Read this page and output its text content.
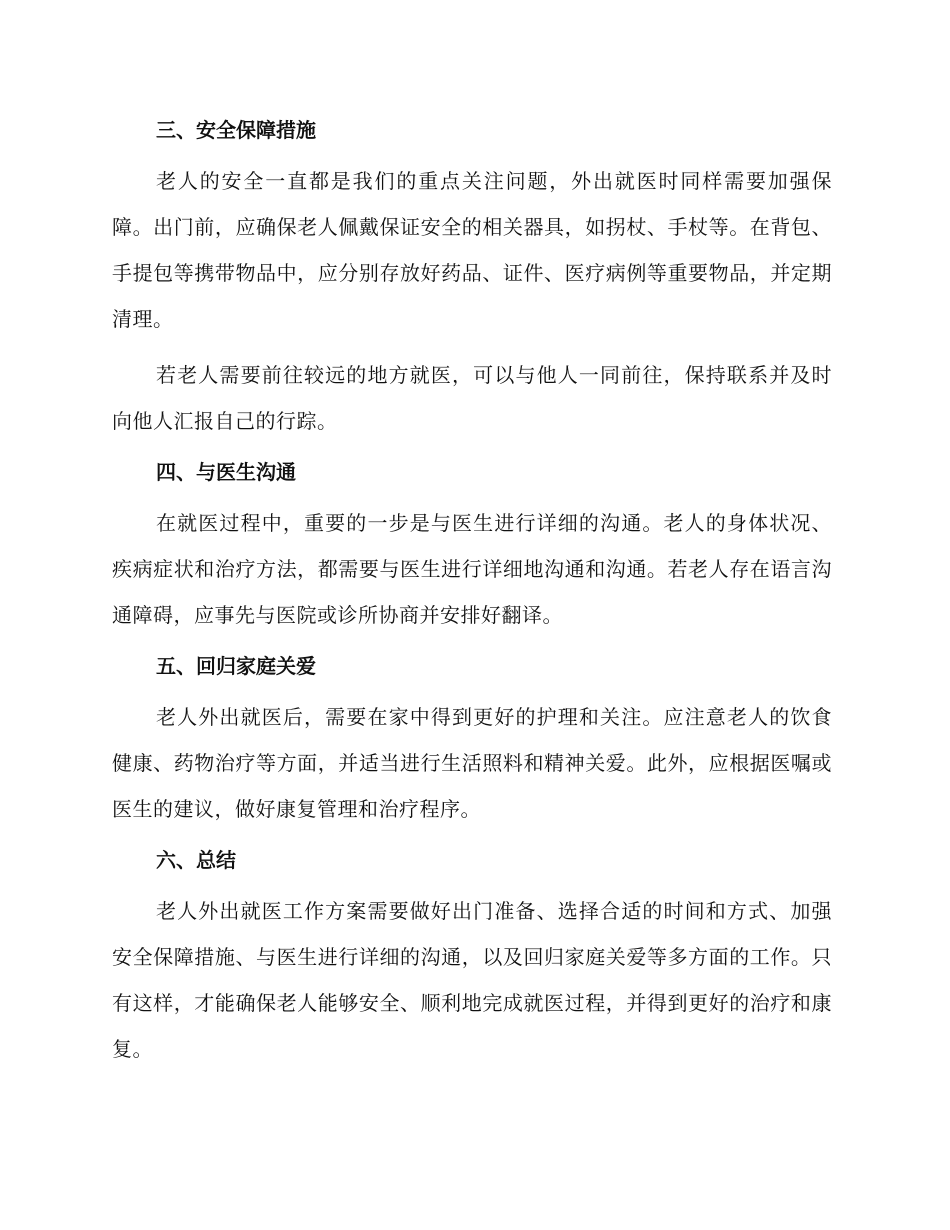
三、安全保障措施
老人的安全一直都是我们的重点关注问题，外出就医时同样需要加强保障。出门前，应确保老人佩戴保证安全的相关器具，如拐杖、手杖等。在背包、手提包等携带物品中，应分别存放好药品、证件、医疗病例等重要物品，并定期清理。
若老人需要前往较远的地方就医，可以与他人一同前往，保持联系并及时向他人汇报自己的行踪。
四、与医生沟通
在就医过程中，重要的一步是与医生进行详细的沟通。老人的身体状况、疾病症状和治疗方法，都需要与医生进行详细地沟通和沟通。若老人存在语言沟通障碍，应事先与医院或诊所协商并安排好翻译。
五、回归家庭关爱
老人外出就医后，需要在家中得到更好的护理和关注。应注意老人的饮食健康、药物治疗等方面，并适当进行生活照料和精神关爱。此外，应根据医嘱或医生的建议，做好康复管理和治疗程序。
六、总结
老人外出就医工作方案需要做好出门准备、选择合适的时间和方式、加强安全保障措施、与医生进行详细的沟通，以及回归家庭关爱等多方面的工作。只有这样，才能确保老人能够安全、顺利地完成就医过程，并得到更好的治疗和康复。
